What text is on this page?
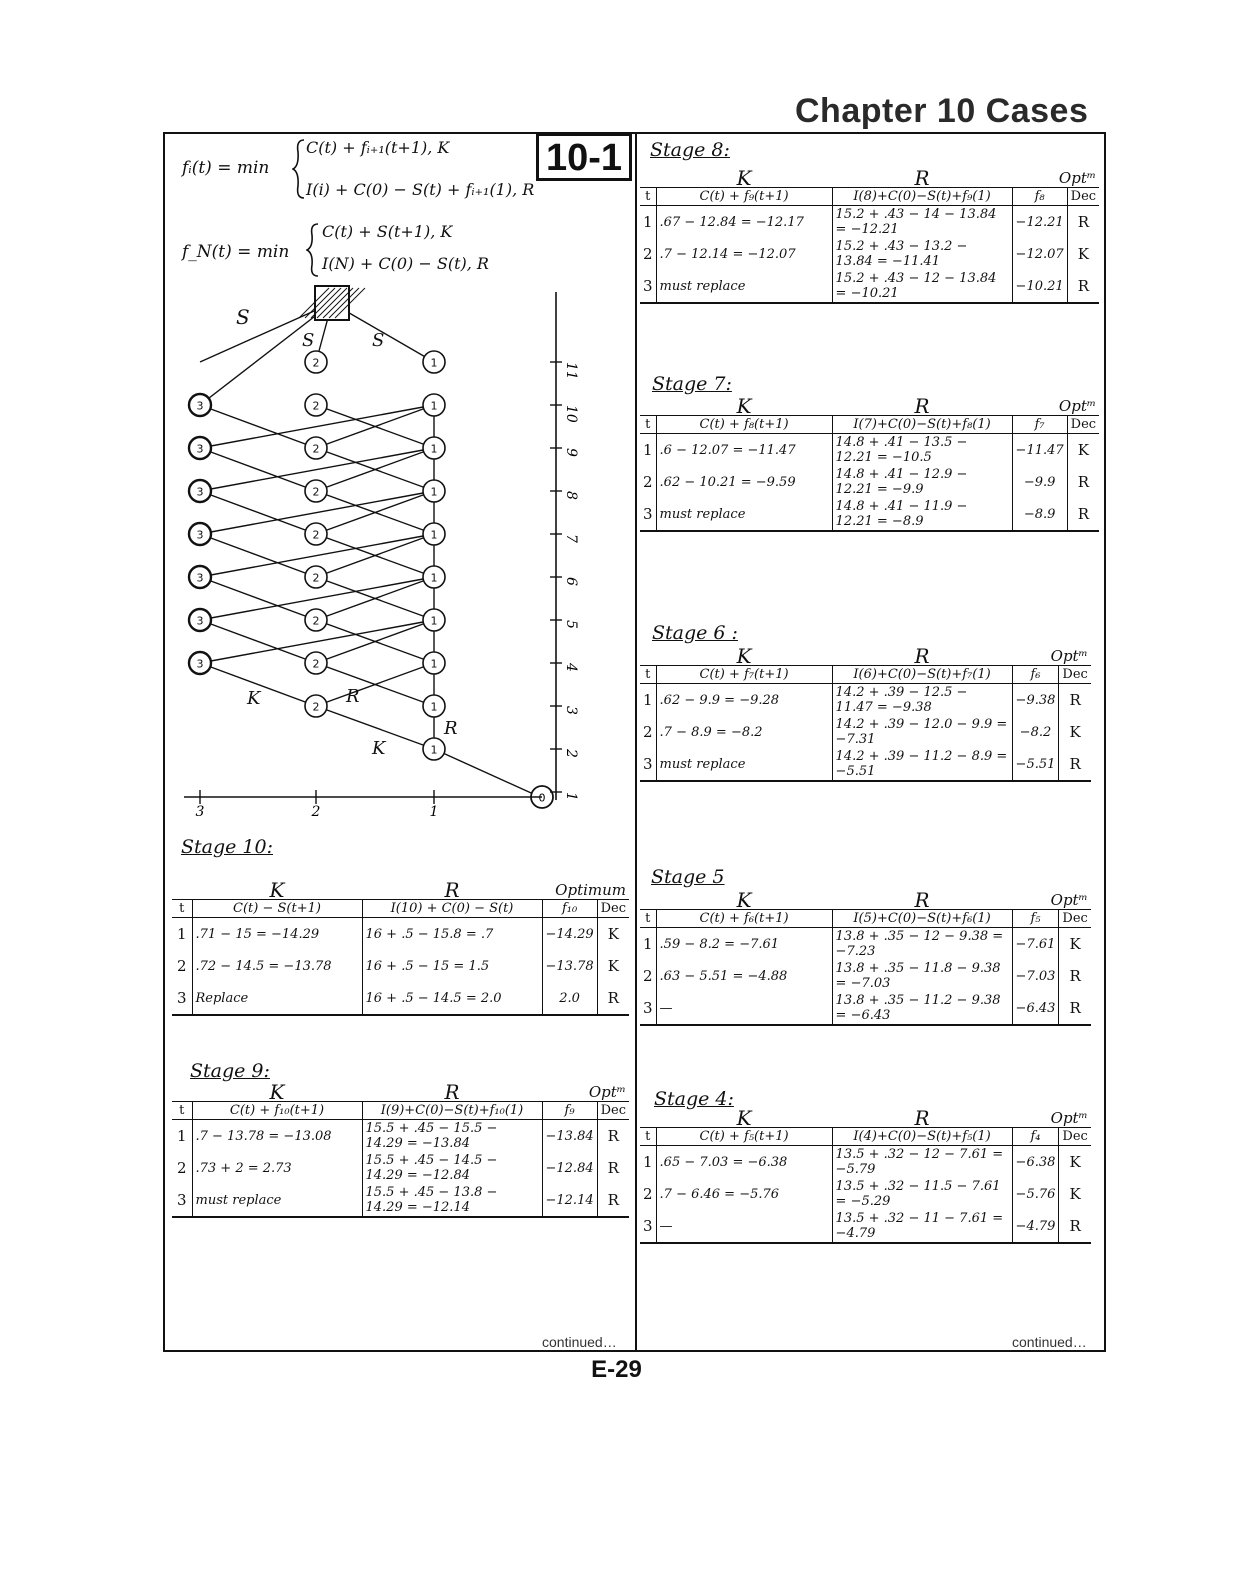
Chapter 10 Cases
fᵢ(t) = min
C(t) + fᵢ₊₁(t+1), K
I(i) + C(0) − S(t) + fᵢ₊₁(1), R
f_N(t) = min
C(t) + S(t+1), K
I(N) + C(0) − S(t), R
10-1
1
1
2
1
2
3
1
2
3
1
2
3
1
2
3
1
2
3
1
2
3
1
2
3
1
2
0 1
2
3
4
5
6
7
8
9
10
11
1
2
3
S
S	S
K	R
K
R
Stage 10:
Stage 9:
Stage 8:
Stage 7:
Stage 6 :
Stage 5
Stage 4:
	K	R	Optimum	
t	C(t) − S(t+1)	I(10) + C(0) − S(t)	f₁₀	Dec
1	.71 − 15 = −14.29	16 + .5 − 15.8 = .7	−14.29	K
2	.72 − 14.5 = −13.78	16 + .5 − 15 = 1.5	−13.78	K
3	Replace	16 + .5 − 14.5 = 2.0	2.0	R
	K	R	Optᵐ	
t	C(t) + f₁₀(t+1)	I(9)+C(0)−S(t)+f₁₀(1)	f₉	Dec
1	.7 − 13.78 = −13.08	15.5 + .45 − 15.5 − 14.29 = −13.84	−13.84	R
2	.73 + 2 = 2.73	15.5 + .45 − 14.5 − 14.29 = −12.84	−12.84	R
3	must replace	15.5 + .45 − 13.8 − 14.29 = −12.14	−12.14	R
	K	R	Optᵐ	
t	C(t) + f₉(t+1)	I(8)+C(0)−S(t)+f₉(1)	f₈	Dec
1	.67 − 12.84 = −12.17	15.2 + .43 − 14 − 13.84 = −12.21	−12.21	R
2	.7 − 12.14 = −12.07	15.2 + .43 − 13.2 − 13.84 = −11.41	−12.07	K
3	must replace	15.2 + .43 − 12 − 13.84 = −10.21	−10.21	R
	K	R	Optᵐ	
t	C(t) + f₈(t+1)	I(7)+C(0)−S(t)+f₈(1)	f₇	Dec
1	.6 − 12.07 = −11.47	14.8 + .41 − 13.5 − 12.21 = −10.5	−11.47	K
2	.62 − 10.21 = −9.59	14.8 + .41 − 12.9 − 12.21 = −9.9	−9.9	R
3	must replace	14.8 + .41 − 11.9 − 12.21 = −8.9	−8.9	R
	K	R	Optᵐ	
t	C(t) + f₇(t+1)	I(6)+C(0)−S(t)+f₇(1)	f₆	Dec
1	.62 − 9.9 = −9.28	14.2 + .39 − 12.5 − 11.47 = −9.38	−9.38	R
2	.7 − 8.9 = −8.2	14.2 + .39 − 12.0 − 9.9 = −7.31	−8.2	K
3	must replace	14.2 + .39 − 11.2 − 8.9 = −5.51	−5.51	R
	K	R	Optᵐ	
t	C(t) + f₆(t+1)	I(5)+C(0)−S(t)+f₆(1)	f₅	Dec
1	.59 − 8.2 = −7.61	13.8 + .35 − 12 − 9.38 = −7.23	−7.61	K
2	.63 − 5.51 = −4.88	13.8 + .35 − 11.8 − 9.38 = −7.03	−7.03	R
3	—	13.8 + .35 − 11.2 − 9.38 = −6.43	−6.43	R
	K	R	Optᵐ	
t	C(t) + f₅(t+1)	I(4)+C(0)−S(t)+f₅(1)	f₄	Dec
1	.65 − 7.03 = −6.38	13.5 + .32 − 12 − 7.61 = −5.79	−6.38	K
2	.7 − 6.46 = −5.76	13.5 + .32 − 11.5 − 7.61 = −5.29	−5.76	K
3	—	13.5 + .32 − 11 − 7.61 = −4.79	−4.79	R
continued…	continued…
E-29
